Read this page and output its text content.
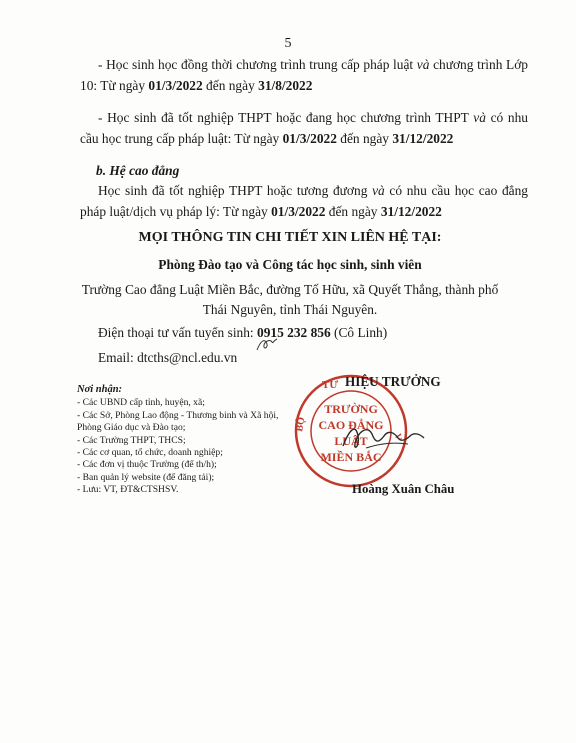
5

- Học sinh học đồng thời chương trình trung cấp pháp luật và chương trình Lớp 10: Từ ngày 01/3/2022 đến ngày 31/8/2022

- Học sinh đã tốt nghiệp THPT hoặc đang học chương trình THPT và có nhu cầu học trung cấp pháp luật: Từ ngày 01/3/2022 đến ngày 31/12/2022

b. Hệ cao đẳng

Học sinh đã tốt nghiệp THPT hoặc tương đương và có nhu cầu học cao đẳng pháp luật/dịch vụ pháp lý: Từ ngày 01/3/2022 đến ngày 31/12/2022

MỌI THÔNG TIN CHI TIẾT XIN LIÊN HỆ TẠI:
Phòng Đào tạo và Công tác học sinh, sinh viên
Trường Cao đẳng Luật Miền Bắc, đường Tố Hữu, xã Quyết Thắng, thành phố
Thái Nguyên, tỉnh Thái Nguyên.
Điện thoại tư vấn tuyển sinh: 0915 232 856 (Cô Linh)
Email: dtcths@ncl.edu.vn
Nơi nhận:
- Các UBND cấp tỉnh, huyện, xã;
- Các Sở, Phòng Lao động - Thương binh và Xã hội, Phòng Giáo dục và Đào tạo;
- Các Trường THPT, THCS;
- Các cơ quan, tổ chức, doanh nghiệp;
- Các đơn vị thuộc Trường (để th/h);
- Ban quản lý website (để đăng tải);
- Lưu: VT, ĐT&CTSHSV.
TƯ
BỘ
TRƯỜNG
CAO ĐẲNG
LUẬT
MIỀN BẮC
V
HIỆU TRƯỞNG
Hoàng Xuân Châu
